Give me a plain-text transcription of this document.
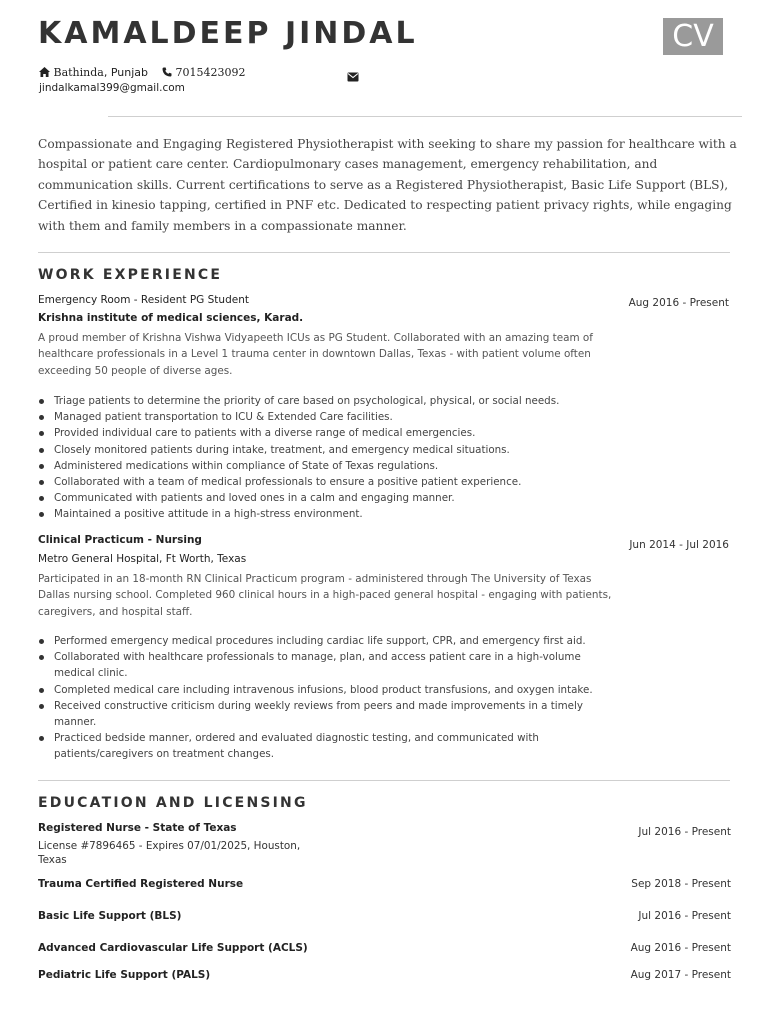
KAMALDEEP JINDAL	CV
Bathinda, Punjab	7015423092
jindalkamal399@gmail.com
Compassionate and Engaging Registered Physiotherapist with seeking to share my passion for healthcare with a hospital or patient care center. Cardiopulmonary cases management, emergency rehabilitation, and communication skills. Current certifications to serve as a Registered Physiotherapist, Basic Life Support (BLS), Certified in kinesio tapping, certified in PNF etc. Dedicated to respecting patient privacy rights, while engaging with them and family members in a compassionate manner.
WORK EXPERIENCE
Emergency Room - Resident PG Student
Krishna institute of medical sciences, Karad.
Aug 2016 - Present
A proud member of Krishna Vishwa Vidyapeeth ICUs as PG Student. Collaborated with an amazing team of healthcare professionals in a Level 1 trauma center in downtown Dallas, Texas - with patient volume often exceeding 50 people of diverse ages.
Triage patients to determine the priority of care based on psychological, physical, or social needs.
Managed patient transportation to ICU & Extended Care facilities.
Provided individual care to patients with a diverse range of medical emergencies.
Closely monitored patients during intake, treatment, and emergency medical situations.
Administered medications within compliance of State of Texas regulations.
Collaborated with a team of medical professionals to ensure a positive patient experience.
Communicated with patients and loved ones in a calm and engaging manner.
Maintained a positive attitude in a high-stress environment.
Clinical Practicum - Nursing
Metro General Hospital, Ft Worth, Texas
Jun 2014 - Jul 2016
Participated in an 18-month RN Clinical Practicum program - administered through The University of Texas Dallas nursing school. Completed 960 clinical hours in a high-paced general hospital - engaging with patients, caregivers, and hospital staff.
Performed emergency medical procedures including cardiac life support, CPR, and emergency first aid.
Collaborated with healthcare professionals to manage, plan, and access patient care in a high-volume medical clinic.
Completed medical care including intravenous infusions, blood product transfusions, and oxygen intake.
Received constructive criticism during weekly reviews from peers and made improvements in a timely manner.
Practiced bedside manner, ordered and evaluated diagnostic testing, and communicated with patients/caregivers on treatment changes.
EDUCATION AND LICENSING
Registered Nurse - State of Texas
License #7896465 - Expires 07/01/2025, Houston, Texas
Jul 2016 - Present
Trauma Certified Registered Nurse	Sep 2018 - Present
Basic Life Support (BLS)	Jul 2016 - Present
Advanced Cardiovascular Life Support (ACLS)	Aug 2016 - Present
Pediatric Life Support (PALS)	Aug 2017 - Present
